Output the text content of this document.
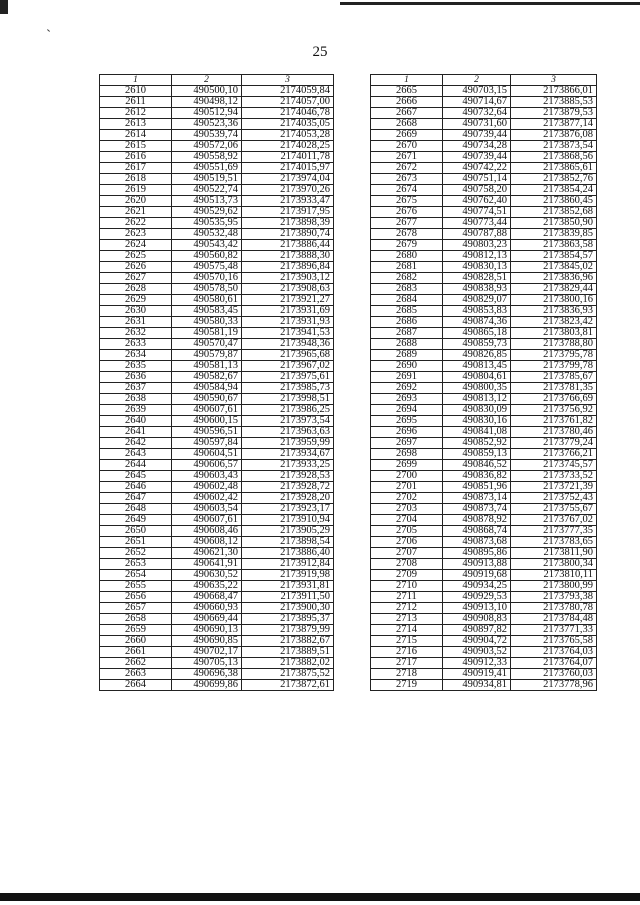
25
1	2	3
2610	490500,10	2174059,84
2611	490498,12	2174057,00
2612	490512,94	2174046,78
2613	490523,36	2174035,05
2614	490539,74	2174053,28
2615	490572,06	2174028,25
2616	490558,92	2174011,78
2617	490551,69	2174015,97
2618	490519,51	2173974,04
2619	490522,74	2173970,26
2620	490513,73	2173933,47
2621	490529,62	2173917,95
2622	490535,95	2173898,39
2623	490532,48	2173890,74
2624	490543,42	2173886,44
2625	490560,82	2173888,30
2626	490575,48	2173896,84
2627	490570,16	2173903,12
2628	490578,50	2173908,63
2629	490580,61	2173921,27
2630	490583,45	2173931,69
2631	490580,33	2173931,93
2632	490581,19	2173941,53
2633	490570,47	2173948,36
2634	490579,87	2173965,68
2635	490581,13	2173967,02
2636	490582,67	2173975,61
2637	490584,94	2173985,73
2638	490590,67	2173998,51
2639	490607,61	2173986,25
2640	490600,15	2173973,54
2641	490596,51	2173963,63
2642	490597,84	2173959,99
2643	490604,51	2173934,67
2644	490606,57	2173933,25
2645	490603,43	2173928,53
2646	490602,48	2173928,72
2647	490602,42	2173928,20
2648	490603,54	2173923,17
2649	490607,61	2173910,94
2650	490608,46	2173905,29
2651	490608,12	2173898,54
2652	490621,30	2173886,40
2653	490641,91	2173912,84
2654	490630,52	2173919,98
2655	490635,22	2173931,81
2656	490668,47	2173911,50
2657	490660,93	2173900,30
2658	490669,44	2173895,37
2659	490690,13	2173879,99
2660	490690,85	2173882,67
2661	490702,17	2173889,51
2662	490705,13	2173882,02
2663	490696,38	2173875,52
2664	490699,86	2173872,61
1	2	3
2665	490703,15	2173866,01
2666	490714,67	2173885,53
2667	490732,64	2173879,53
2668	490731,60	2173877,14
2669	490739,44	2173876,08
2670	490734,28	2173873,54
2671	490739,44	2173868,56
2672	490742,22	2173865,61
2673	490751,14	2173852,76
2674	490758,20	2173854,24
2675	490762,40	2173860,45
2676	490774,51	2173852,68
2677	490773,44	2173850,90
2678	490787,88	2173839,85
2679	490803,23	2173863,58
2680	490812,13	2173854,57
2681	490830,13	2173845,02
2682	490828,51	2173836,96
2683	490838,93	2173829,44
2684	490829,07	2173800,16
2685	490853,83	2173836,93
2686	490874,36	2173823,42
2687	490865,18	2173803,81
2688	490859,73	2173788,80
2689	490826,85	2173795,78
2690	490813,45	2173799,78
2691	490804,61	2173785,67
2692	490800,35	2173781,35
2693	490813,12	2173766,69
2694	490830,09	2173756,92
2695	490830,16	2173761,82
2696	490841,08	2173780,46
2697	490852,92	2173779,24
2698	490859,13	2173766,21
2699	490846,52	2173745,57
2700	490836,82	2173733,52
2701	490851,96	2173721,39
2702	490873,14	2173752,43
2703	490873,74	2173755,67
2704	490878,92	2173767,02
2705	490868,74	2173777,35
2706	490873,68	2173783,65
2707	490895,86	2173811,90
2708	490913,88	2173800,34
2709	490919,68	2173810,11
2710	490934,25	2173800,99
2711	490929,53	2173793,38
2712	490913,10	2173780,78
2713	490908,83	2173784,48
2714	490897,82	2173771,33
2715	490904,72	2173765,58
2716	490903,52	2173764,03
2717	490912,33	2173764,07
2718	490919,41	2173760,03
2719	490934,81	2173778,96
